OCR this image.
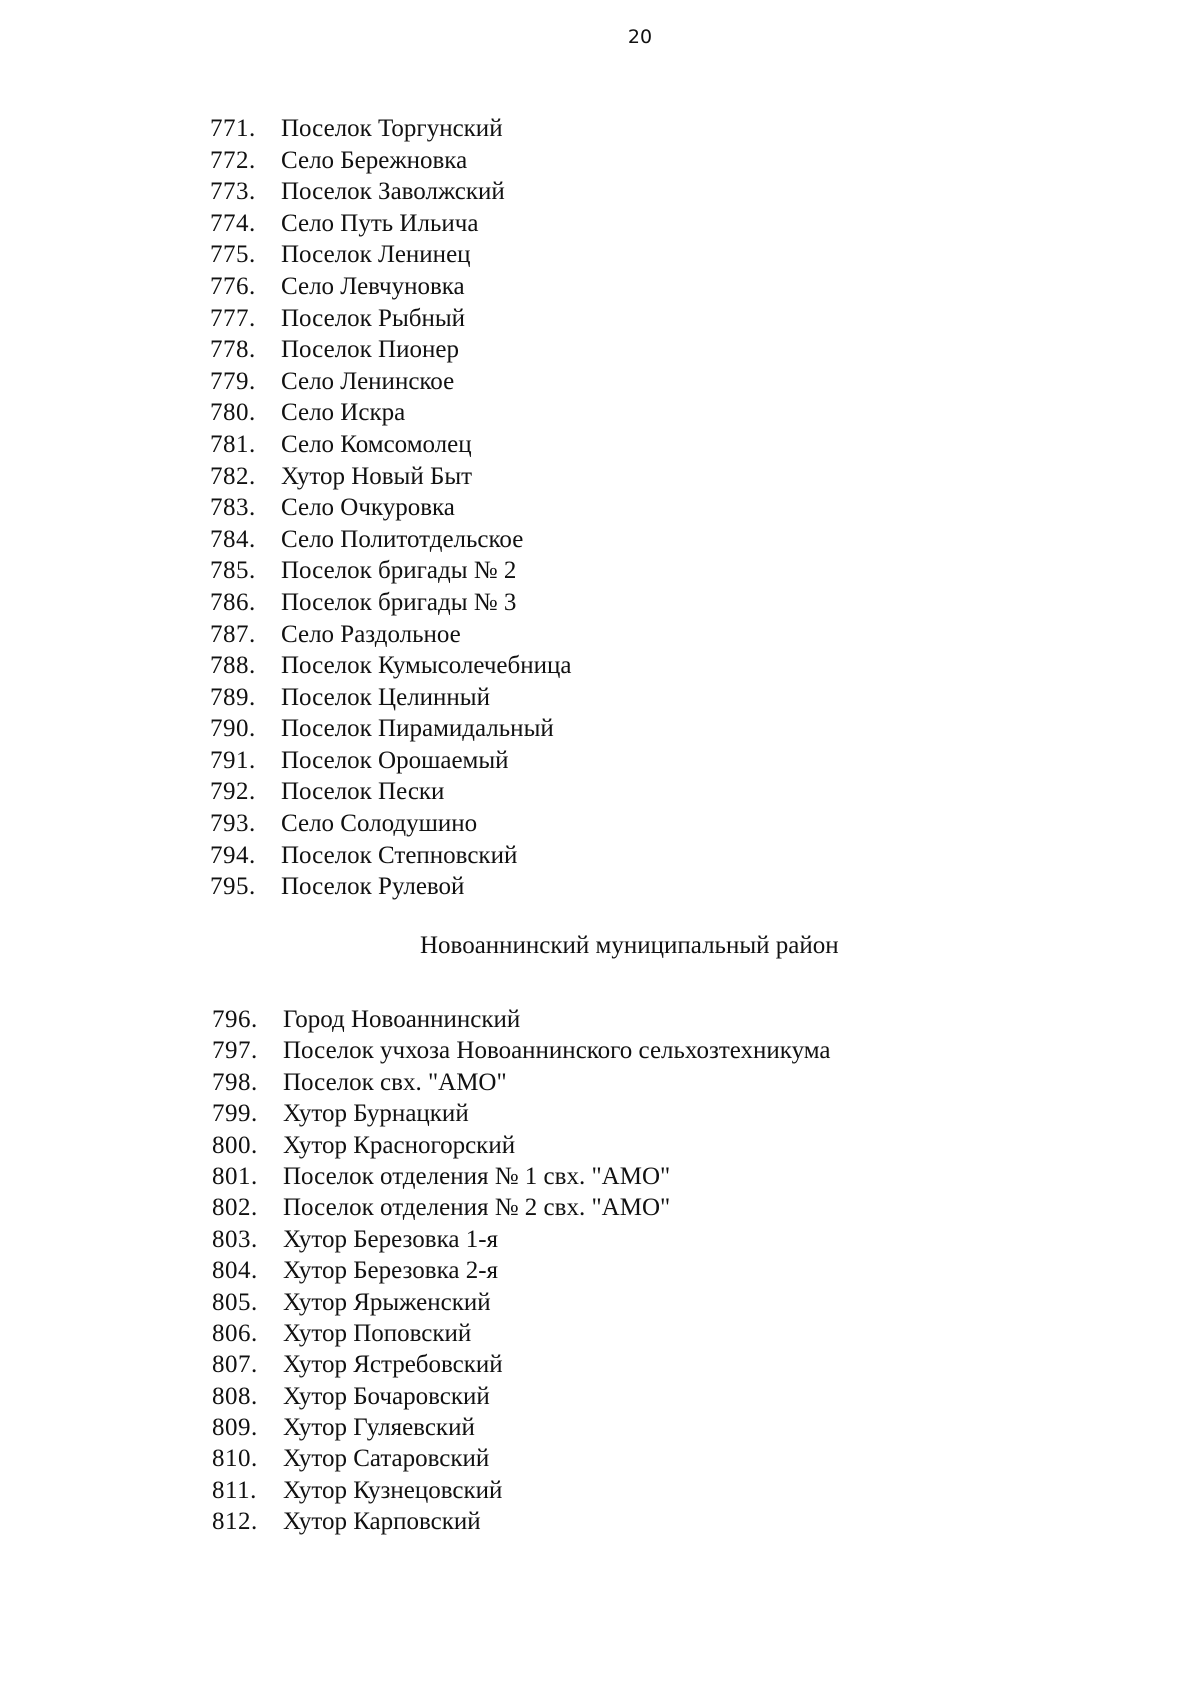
20
771. Поселок Торгунский
772. Село Бережновка
773. Поселок Заволжский
774. Село Путь Ильича
775. Поселок Ленинец
776. Село Левчуновка
777. Поселок Рыбный
778. Поселок Пионер
779. Село Ленинское
780. Село Искра
781. Село Комсомолец
782. Хутор Новый Быт
783. Село Очкуровка
784. Село Политотдельское
785. Поселок бригады № 2
786. Поселок бригады № 3
787. Село Раздольное
788. Поселок Кумысолечебница
789. Поселок Целинный
790. Поселок Пирамидальный
791. Поселок Орошаемый
792. Поселок Пески
793. Село Солодушино
794. Поселок Степновский
795. Поселок Рулевой
Новоаннинский муниципальный район
796. Город Новоаннинский
797. Поселок учхоза Новоаннинского сельхозтехникума
798. Поселок свх. "АМО"
799. Хутор Бурнацкий
800. Хутор Красногорский
801. Поселок отделения № 1 свх. "АМО"
802. Поселок отделения № 2 свх. "АМО"
803. Хутор Березовка 1-я
804. Хутор Березовка 2-я
805. Хутор Ярыженский
806. Хутор Поповский
807. Хутор Ястребовский
808. Хутор Бочаровский
809. Хутор Гуляевский
810. Хутор Сатаровский
811. Хутор Кузнецовский
812. Хутор Карповский
